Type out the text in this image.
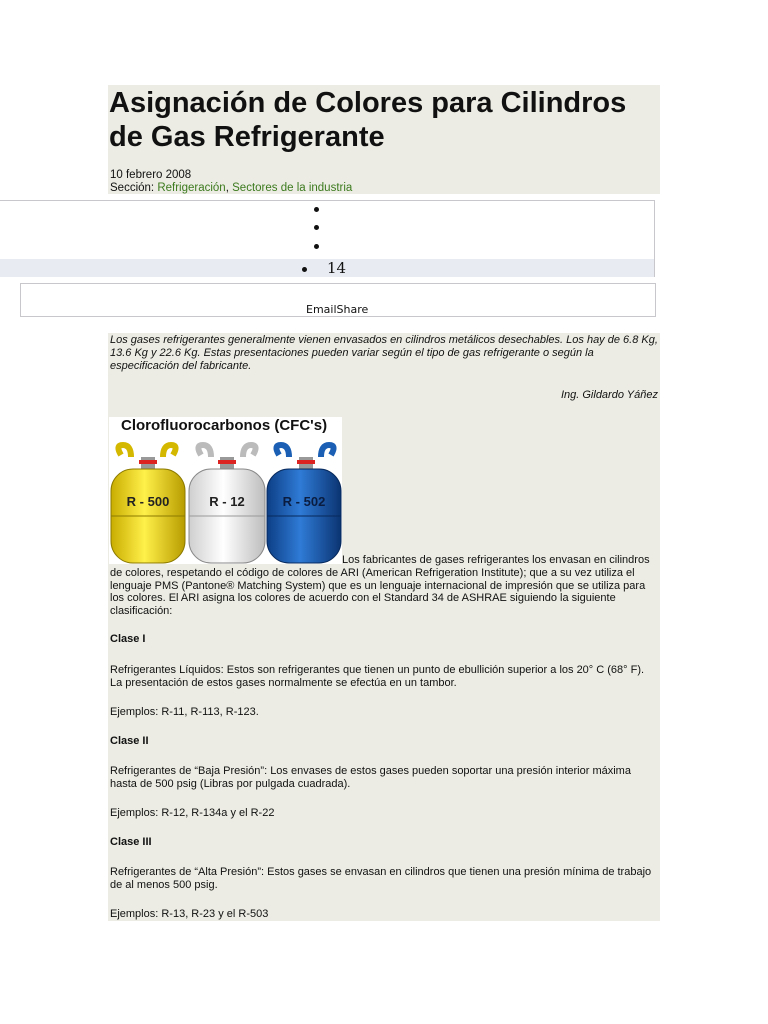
Asignación de Colores para Cilindros de Gas Refrigerante
10 febrero 2008
Sección: Refrigeración, Sectores de la industria
14
EmailShare
Los gases refrigerantes generalmente vienen envasados en cilindros metálicos desechables. Los hay de 6.8 Kg, 13.6 Kg y 22.6 Kg. Estas presentaciones pueden variar según el tipo de gas refrigerante o según la especificación del fabricante.
Ing. Gildardo Yáñez
Clorofluorocarbonos (CFC's)
R - 500	R - 12	R - 502
Los fabricantes de gases refrigerantes los envasan en cilindros de colores, respetando el código de colores de ARI (American Refrigeration Institute); que a su vez utiliza el lenguaje PMS (Pantone® Matching System) que es un lenguaje internacional de impresión que se utiliza para los colores. El ARI asigna los colores de acuerdo con el Standard 34 de ASHRAE siguiendo la siguiente clasificación:
Clase I
Refrigerantes Líquidos: Estos son refrigerantes que tienen un punto de ebullición superior a los 20° C (68° F). La presentación de estos gases normalmente se efectúa en un tambor.
Ejemplos: R-11, R-113, R-123.
Clase II
Refrigerantes de “Baja Presión”: Los envases de estos gases pueden soportar una presión interior máxima hasta de 500 psig (Libras por pulgada cuadrada).
Ejemplos: R-12, R-134a y el R-22
Clase III
Refrigerantes de “Alta Presión”: Estos gases se envasan en cilindros que tienen una presión mínima de trabajo de al menos 500 psig.
Ejemplos: R-13, R-23 y el R-503
